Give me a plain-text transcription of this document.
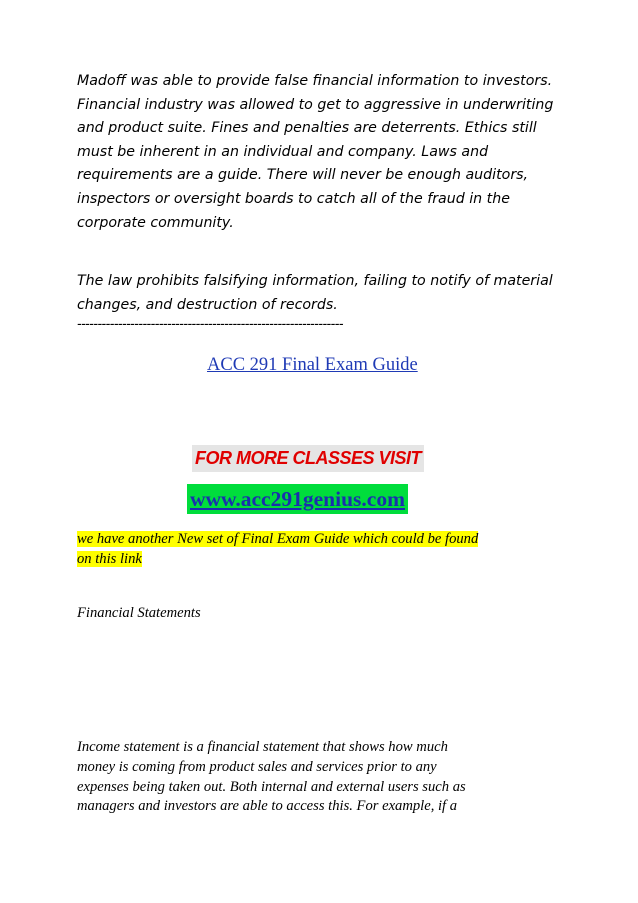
Madoff was able to provide false financial information to investors.
Financial industry was allowed to get to aggressive in underwriting
and product suite. Fines and penalties are deterrents. Ethics still
must be inherent in an individual and company. Laws and
requirements are a guide. There will never be enough auditors,
inspectors or oversight boards to catch all of the fraud in the
corporate community.
The law prohibits falsifying information, failing to notify of material
changes, and destruction of records.
-----------------------------------------------------------------
ACC 291 Final Exam Guide
FOR MORE CLASSES VISIT
www.acc291genius.com
we have another New set of Final Exam Guide which could be found
on this link
Financial Statements
Income statement is a financial statement that shows how much
money is coming from product sales and services prior to any
expenses being taken out. Both internal and external users such as
managers and investors are able to access this. For example, if a
